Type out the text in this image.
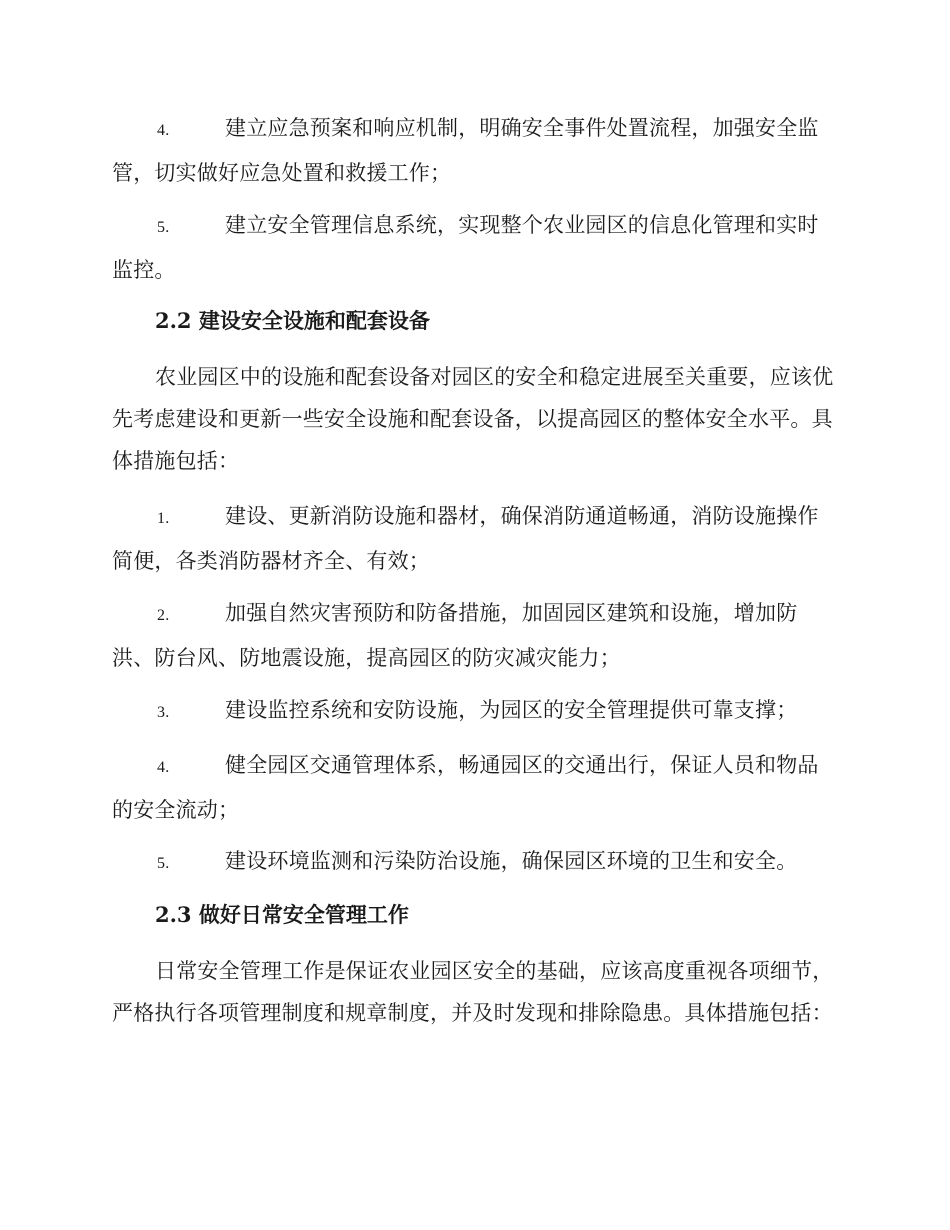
4.	建立应急预案和响应机制，明确安全事件处置流程，加强安全监管，切实做好应急处置和救援工作；
5.	建立安全管理信息系统，实现整个农业园区的信息化管理和实时监控。
2.2 建设安全设施和配套设备
农业园区中的设施和配套设备对园区的安全和稳定进展至关重要，应该优先考虑建设和更新一些安全设施和配套设备，以提高园区的整体安全水平。具体措施包括：
1.	建设、更新消防设施和器材，确保消防通道畅通，消防设施操作简便，各类消防器材齐全、有效；
2.	加强自然灾害预防和防备措施，加固园区建筑和设施，增加防洪、防台风、防地震设施，提高园区的防灾减灾能力；
3.	建设监控系统和安防设施，为园区的安全管理提供可靠支撑；
4.	健全园区交通管理体系，畅通园区的交通出行，保证人员和物品的安全流动；
5.	建设环境监测和污染防治设施，确保园区环境的卫生和安全。
2.3 做好日常安全管理工作
日常安全管理工作是保证农业园区安全的基础，应该高度重视各项细节，严格执行各项管理制度和规章制度，并及时发现和排除隐患。具体措施包括：
